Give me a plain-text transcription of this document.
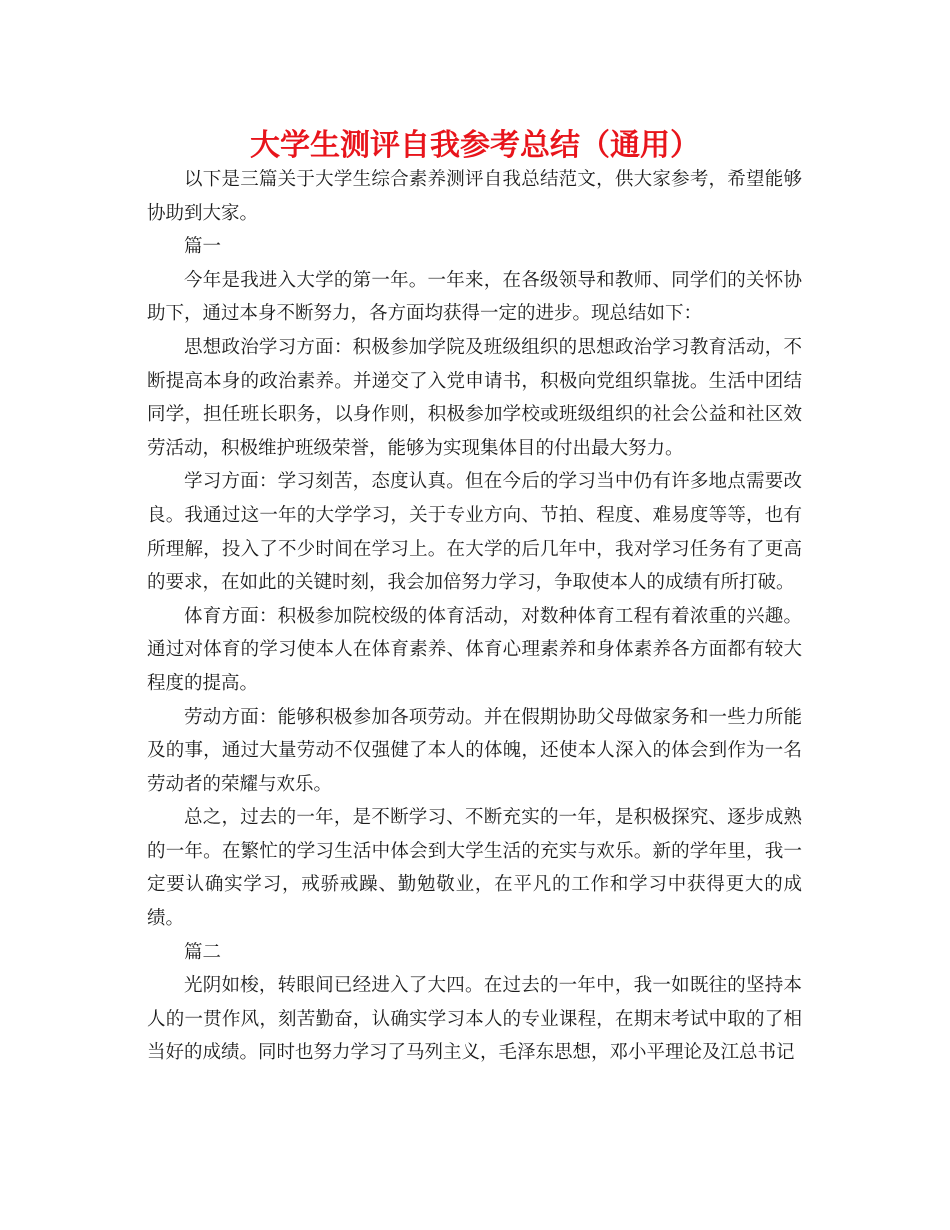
大学生测评自我参考总结（通用）

以下是三篇关于大学生综合素养测评自我总结范文，供大家参考，希望能够协助到大家。

篇一

今年是我进入大学的第一年。一年来，在各级领导和教师、同学们的关怀协助下，通过本身不断努力，各方面均获得一定的进步。现总结如下：

思想政治学习方面：积极参加学院及班级组织的思想政治学习教育活动，不断提高本身的政治素养。并递交了入党申请书，积极向党组织靠拢。生活中团结同学，担任班长职务，以身作则，积极参加学校或班级组织的社会公益和社区效劳活动，积极维护班级荣誉，能够为实现集体目的付出最大努力。

学习方面：学习刻苦，态度认真。但在今后的学习当中仍有许多地点需要改良。我通过这一年的大学学习，关于专业方向、节拍、程度、难易度等等，也有所理解，投入了不少时间在学习上。在大学的后几年中，我对学习任务有了更高的要求，在如此的关键时刻，我会加倍努力学习，争取使本人的成绩有所打破。

体育方面：积极参加院校级的体育活动，对数种体育工程有着浓重的兴趣。通过对体育的学习使本人在体育素养、体育心理素养和身体素养各方面都有较大程度的提高。

劳动方面：能够积极参加各项劳动。并在假期协助父母做家务和一些力所能及的事，通过大量劳动不仅强健了本人的体魄，还使本人深入的体会到作为一名劳动者的荣耀与欢乐。

总之，过去的一年，是不断学习、不断充实的一年，是积极探究、逐步成熟的一年。在繁忙的学习生活中体会到大学生活的充实与欢乐。新的学年里，我一定要认确实学习，戒骄戒躁、勤勉敬业，在平凡的工作和学习中获得更大的成绩。

篇二

光阴如梭，转眼间已经进入了大四。在过去的一年中，我一如既往的坚持本人的一贯作风，刻苦勤奋，认确实学习本人的专业课程，在期末考试中取的了相当好的成绩。同时也努力学习了马列主义，毛泽东思想，邓小平理论及江总书记
